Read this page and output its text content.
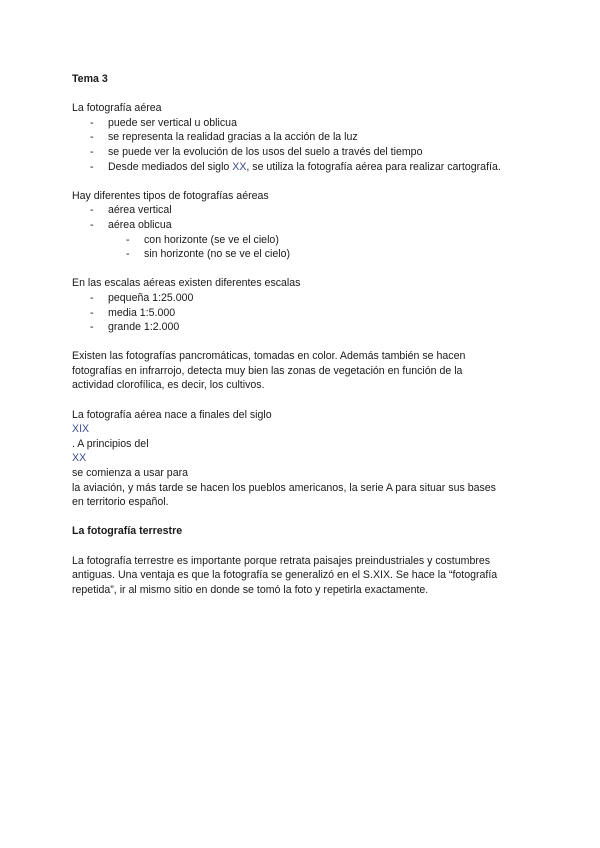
Tema 3
La fotografía aérea
- puede ser vertical u oblicua
- se representa la realidad gracias a la acción de la luz
- se puede ver la evolución de los usos del suelo a través del tiempo
- Desde mediados del siglo XX, se utiliza la fotografía aérea para realizar cartografía.
Hay diferentes tipos de fotografías aéreas
- aérea vertical
- aérea oblicua
- con horizonte (se ve el cielo)
- sin horizonte (no se ve el cielo)
En las escalas aéreas existen diferentes escalas
- pequeña 1:25.000
- media 1:5.000
- grande 1:2.000
Existen las fotografías pancromáticas, tomadas en color. Además también se hacen
fotografías en infrarrojo, detecta muy bien las zonas de vegetación en función de la
actividad clorofílica, es decir, los cultivos.
La fotografía aérea nace a finales del siglo
XIX
. A principios del
XX
se comienza a usar para
la aviación, y más tarde se hacen los pueblos americanos, la serie A para situar sus bases
en territorio español.
La fotografía terrestre
La fotografía terrestre es importante porque retrata paisajes preindustriales y costumbres
antiguas. Una ventaja es que la fotografía se generalizó en el S.XIX. Se hace la “fotografía
repetida”, ir al mismo sitio en donde se tomó la foto y repetirla exactamente.
